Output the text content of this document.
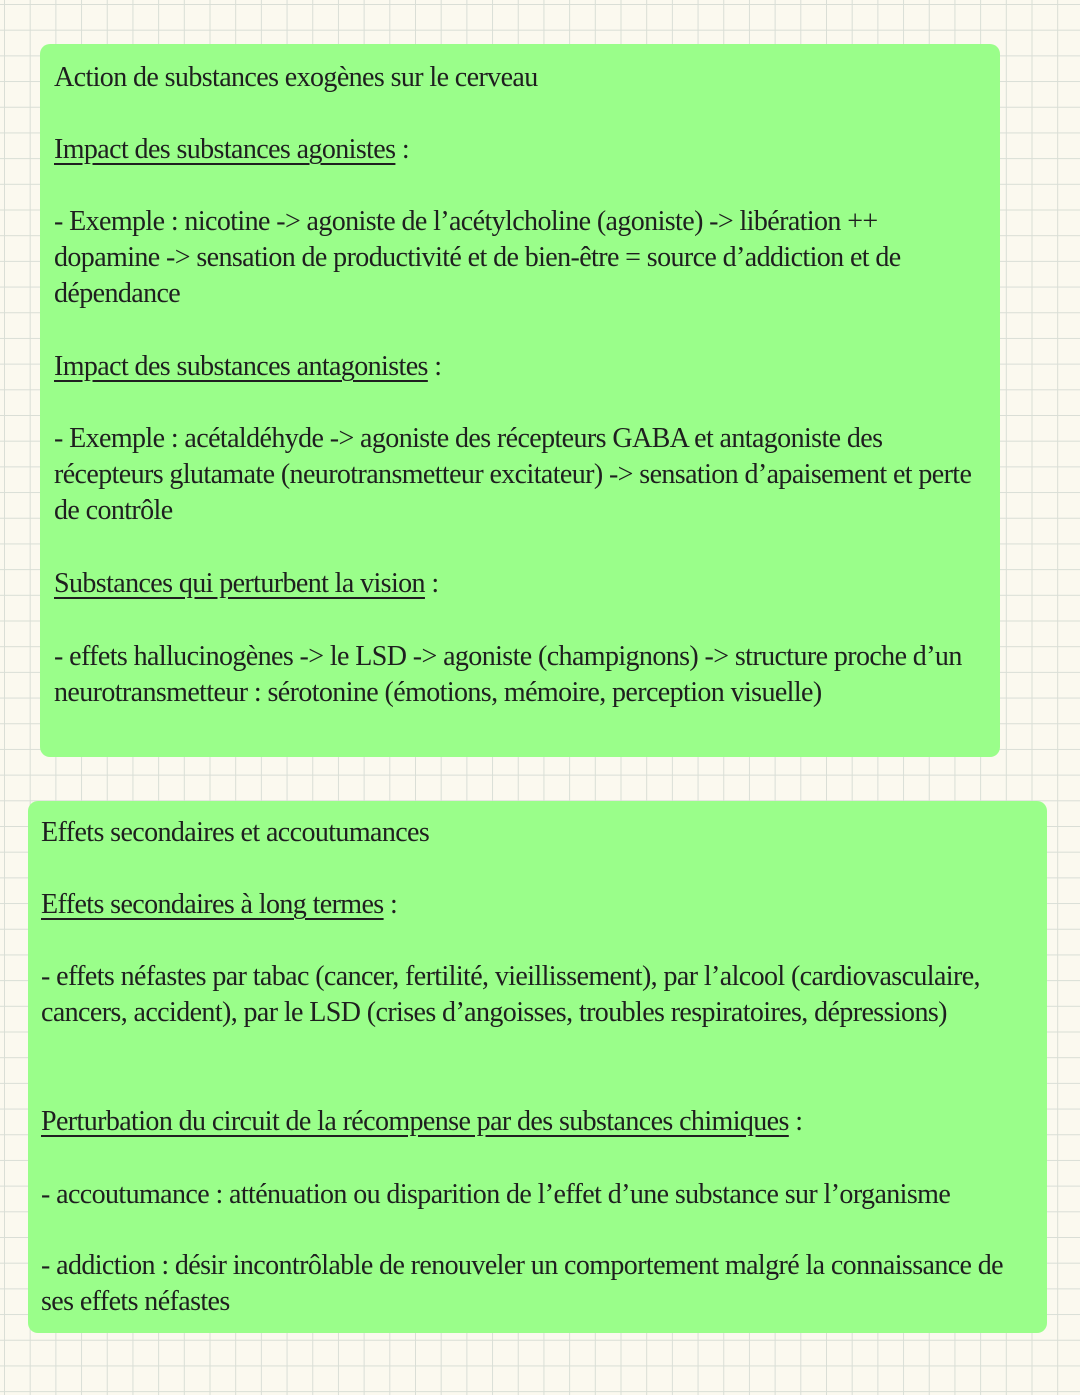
Action de substances exogènes sur le cerveau
Impact des substances agonistes :
- Exemple : nicotine -> agoniste de l’acétylcholine (agoniste) -> libération ++ dopamine -> sensation de productivité et de bien-être = source d’addiction et de dépendance
Impact des substances antagonistes :
- Exemple : acétaldéhyde -> agoniste des récepteurs GABA et antagoniste des récepteurs glutamate (neurotransmetteur excitateur) -> sensation d’apaisement et perte de contrôle
Substances qui perturbent la vision :
- effets hallucinogènes -> le LSD -> agoniste (champignons) -> structure proche d’un neurotransmetteur : sérotonine (émotions, mémoire, perception visuelle)
Effets secondaires et accoutumances
Effets secondaires à long termes :
- effets néfastes par tabac (cancer, fertilité, vieillissement), par l’alcool (cardiovasculaire, cancers, accident), par le LSD (crises d’angoisses, troubles respiratoires, dépressions)
Perturbation du circuit de la récompense par des substances chimiques :
- accoutumance : atténuation ou disparition de l’effet d’une substance sur l’organisme
- addiction : désir incontrôlable de renouveler un comportement malgré la connaissance de ses effets néfastes
